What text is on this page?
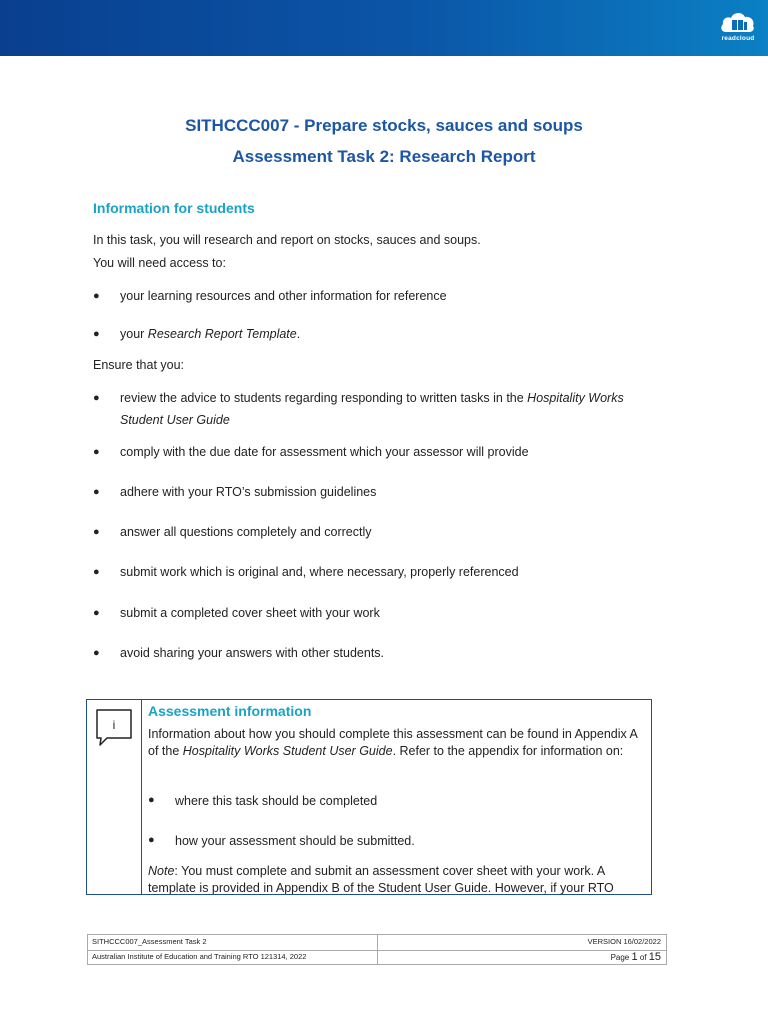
readcloud
SITHCCC007 - Prepare stocks, sauces and soups
Assessment Task 2: Research Report
Information for students
In this task, you will research and report on stocks, sauces and soups.
You will need access to:
● your learning resources and other information for reference
● your Research Report Template.
Ensure that you:
● review the advice to students regarding responding to written tasks in the Hospitality Works Student User Guide
● comply with the due date for assessment which your assessor will provide
● adhere with your RTO’s submission guidelines
● answer all questions completely and correctly
● submit work which is original and, where necessary, properly referenced
● submit a completed cover sheet with your work
● avoid sharing your answers with other students.
i
Assessment information
Information about how you should complete this assessment can be found in Appendix A of the Hospitality Works Student User Guide. Refer to the appendix for information on:
● where this task should be completed
● how your assessment should be submitted.
Note: You must complete and submit an assessment cover sheet with your work. A template is provided in Appendix B of the Student User Guide. However, if your RTO
SITHCCC007_Assessment Task 2	VERSION 16/02/2022
Australian Institute of Education and Training RTO 121314, 2022	Page 1 of 15
